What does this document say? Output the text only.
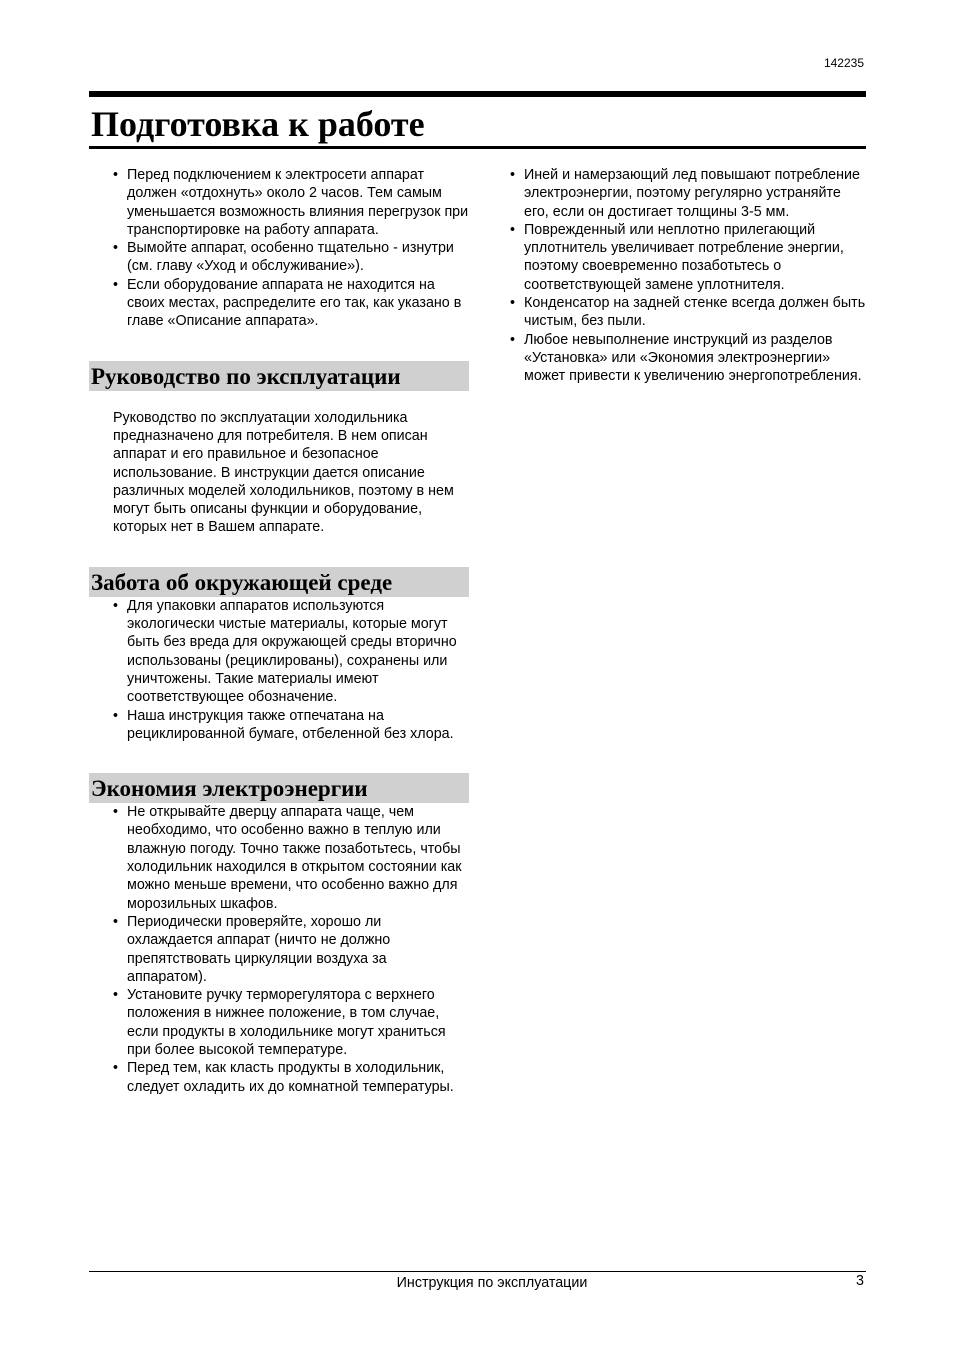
142235
Подготовка к работе
• Перед подключением к электросети аппарат должен «отдохнуть» около 2 часов. Тем самым уменьшается возможность влияния перегрузок при транспортировке на работу аппарата.
• Вымойте аппарат, особенно тщательно - изнутри (см. главу «Уход и обслуживание»).
• Если оборудование аппарата не находится на своих местах, распределите его так, как указано в главе «Описание аппарата».
Руководство по эксплуатации

Руководство по эксплуатации холодильника предназначено для потребителя. В нем описан аппарат и его правильное и безопасное использование. В инструкции дается описание различных моделей холодильников, поэтому в нем могут быть описаны функции и оборудование, которых нет в Вашем аппарате.

Забота об окружающей среде
• Для упаковки аппаратов используются экологически чистые материалы, которые могут быть без вреда для окружающей среды вторично использованы (рециклированы), сохранены или уничтожены. Такие материалы имеют соответствующее обозначение.
• Наша инструкция также отпечатана на рециклированной бумаге, отбеленной без хлора.
Экономия электроэнергии
• Не открывайте дверцу аппарата чаще, чем необходимо, что особенно важно в теплую или влажную погоду. Точно также позаботьтесь, чтобы холодильник находился в открытом состоянии как можно меньше времени, что особенно важно для морозильных шкафов.
• Периодически проверяйте, хорошо ли охлаждается аппарат (ничто не должно препятствовать циркуляции воздуха за аппаратом).
• Установите ручку терморегулятора с верхнего положения в нижнее положение, в том случае, если продукты в холодильнике могут храниться при более высокой температуре.
• Перед тем, как класть продукты в холодильник, следует охладить их до комнатной температуры.
• Иней и намерзающий лед повышают потребление электроэнергии, поэтому регулярно устраняйте его, если он достигает толщины 3-5 мм.
• Поврежденный или неплотно прилегающий уплотнитель увеличивает потребление энергии, поэтому своевременно позаботьтесь о соответствующей замене уплотнителя.
• Конденсатор на задней стенке всегда должен быть чистым, без пыли.
• Любое невыполнение инструкций из разделов «Установка» или «Экономия электроэнергии» может привести к увеличению энергопотребления.
Инструкция по эксплуатации	3
